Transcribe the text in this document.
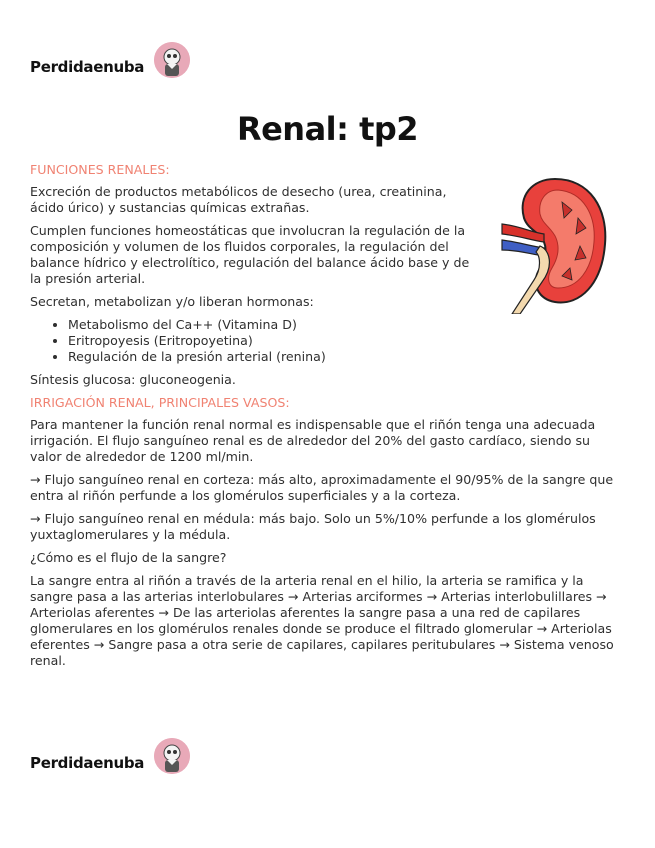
Perdidaenuba
Renal: tp2
FUNCIONES RENALES:

Excreción de productos metabólicos de desecho (urea, creatinina, ácido úrico) y sustancias químicas extrañas.

Cumplen funciones homeostáticas que involucran la regulación de la composición y volumen de los fluidos corporales, la regulación del balance hídrico y electrolítico, regulación del balance ácido base y de la presión arterial.

Secretan, metabolizan y/o liberan hormonas:

• Metabolismo del Ca++ (Vitamina D)
• Eritropoyesis (Eritropoyetina)
• Regulación de la presión arterial (renina)

Síntesis glucosa: gluconeogenia.

IRRIGACIÓN RENAL, PRINCIPALES VASOS:

Para mantener la función renal normal es indispensable que el riñón tenga una adecuada irrigación. El flujo sanguíneo renal es de alrededor del 20% del gasto cardíaco, siendo su valor de alrededor de 1200 ml/min.

→ Flujo sanguíneo renal en corteza: más alto, aproximadamente el 90/95% de la sangre que entra al riñón perfunde a los glomérulos superficiales y a la corteza.

→ Flujo sanguíneo renal en médula: más bajo. Solo un 5%/10% perfunde a los glomérulos yuxtaglomerulares y la médula.

¿Cómo es el flujo de la sangre?

La sangre entra al riñón a través de la arteria renal en el hilio, la arteria se ramifica y la sangre pasa a las arterias interlobulares → Arterias arciformes → Arterias interlobulillares → Arteriolas aferentes → De las arteriolas aferentes la sangre pasa a una red de capilares glomerulares en los glomérulos renales donde se produce el filtrado glomerular → Arteriolas eferentes → Sangre pasa a otra serie de capilares, capilares peritubulares → Sistema venoso renal.

Perdidaenuba
